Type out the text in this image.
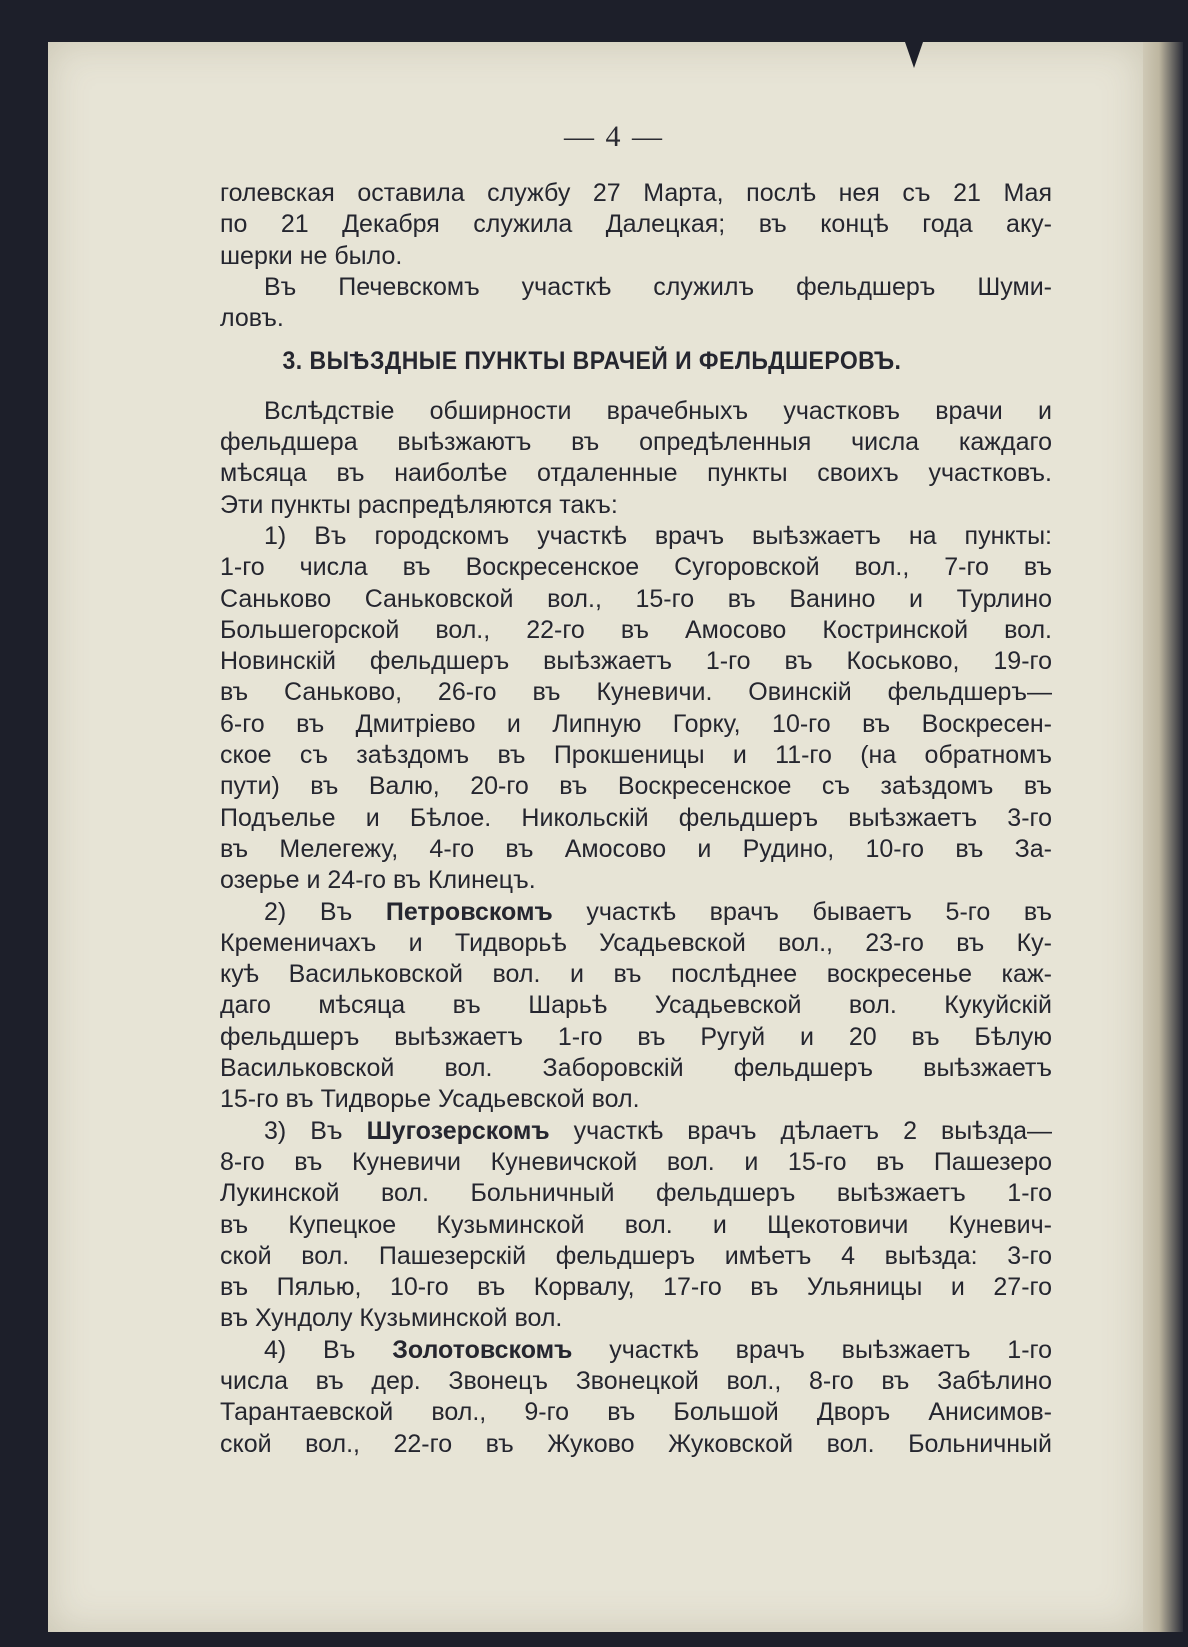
— 4 —

голевская оставила службу 27 Марта, послѣ нея съ 21 Мая
по 21 Декабря служила Далецкая; въ концѣ года аку-
шерки не было.

Въ Печевскомъ участкѣ служилъ фельдшеръ Шуми-
ловъ.

3. ВЫѢЗДНЫЕ ПУНКТЫ ВРАЧЕЙ И ФЕЛЬДШЕРОВЪ.

Вслѣдствіе обширности врачебныхъ участковъ врачи и
фельдшера выѣзжаютъ въ опредѣленныя числа каждаго
мѣсяца въ наиболѣе отдаленные пункты своихъ участковъ.
Эти пункты распредѣляются такъ:

1) Въ городскомъ участкѣ врачъ выѣзжаетъ на пункты:
1-го числа въ Воскресенское Сугоровской вол., 7-го въ
Саньково Саньковской вол., 15-го въ Ванино и Турлино
Большегорской вол., 22-го въ Амосово Костринской вол.
Новинскій фельдшеръ выѣзжаетъ 1-го въ Коськово, 19-го
въ Саньково, 26-го въ Куневичи. Овинскій фельдшеръ—
6-го въ Дмитріево и Липную Горку, 10-го въ Воскресен-
ское съ заѣздомъ въ Прокшеницы и 11-го (на обратномъ
пути) въ Валю, 20-го въ Воскресенское съ заѣздомъ въ
Подъелье и Бѣлое. Никольскій фельдшеръ выѣзжаетъ 3-го
въ Мелегежу, 4-го въ Амосово и Рудино, 10-го въ За-
озерье и 24-го въ Клинецъ.

2) Въ Петровскомъ участкѣ врачъ бываетъ 5-го въ
Кременичахъ и Тидворьѣ Усадьевской вол., 23-го въ Ку-
куѣ Васильковской вол. и въ послѣднее воскресенье каж-
даго мѣсяца въ Шарьѣ Усадьевской вол. Кукуйскій
фельдшеръ выѣзжаетъ 1-го въ Ругуй и 20 въ Бѣлую
Васильковской вол. Заборовскій фельдшеръ выѣзжаетъ
15-го въ Тидворье Усадьевской вол.

3) Въ Шугозерскомъ участкѣ врачъ дѣлаетъ 2 выѣзда—
8-го въ Куневичи Куневичской вол. и 15-го въ Пашезеро
Лукинской вол. Больничный фельдшеръ выѣзжаетъ 1-го
въ Купецкое Кузьминской вол. и Щекотовичи Куневич-
ской вол. Пашезерскій фельдшеръ имѣетъ 4 выѣзда: 3-го
въ Пялью, 10-го въ Корвалу, 17-го въ Ульяницы и 27-го
въ Хундолу Кузьминской вол.

4) Въ Золотовскомъ участкѣ врачъ выѣзжаетъ 1-го
числа въ дер. Звонецъ Звонецкой вол., 8-го въ Забѣлино
Тарантаевской вол., 9-го въ Большой Дворъ Анисимов-
ской вол., 22-го въ Жуково Жуковской вол. Больничный
